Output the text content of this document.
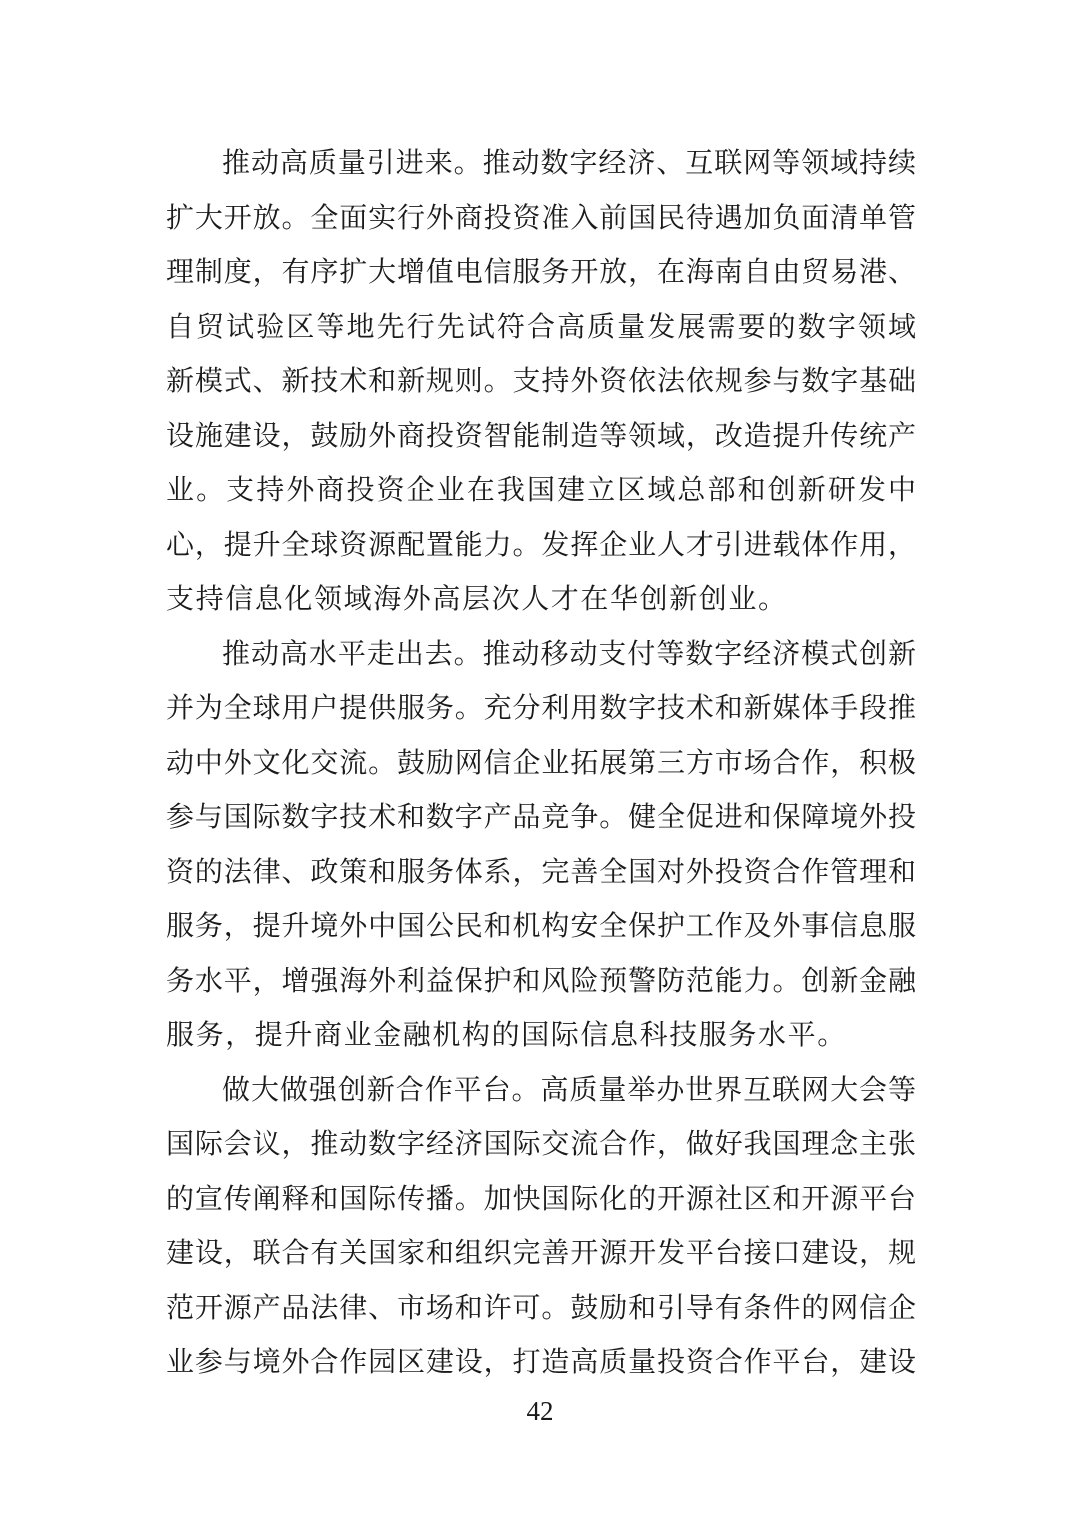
推动高质量引进来。推动数字经济、互联网等领域持续
扩大开放。全面实行外商投资准入前国民待遇加负面清单管
理制度，有序扩大增值电信服务开放，在海南自由贸易港、
自贸试验区等地先行先试符合高质量发展需要的数字领域
新模式、新技术和新规则。支持外资依法依规参与数字基础
设施建设，鼓励外商投资智能制造等领域，改造提升传统产
业。支持外商投资企业在我国建立区域总部和创新研发中
心，提升全球资源配置能力。发挥企业人才引进载体作用，
支持信息化领域海外高层次人才在华创新创业。
推动高水平走出去。推动移动支付等数字经济模式创新
并为全球用户提供服务。充分利用数字技术和新媒体手段推
动中外文化交流。鼓励网信企业拓展第三方市场合作，积极
参与国际数字技术和数字产品竞争。健全促进和保障境外投
资的法律、政策和服务体系，完善全国对外投资合作管理和
服务，提升境外中国公民和机构安全保护工作及外事信息服
务水平，增强海外利益保护和风险预警防范能力。创新金融
服务，提升商业金融机构的国际信息科技服务水平。
做大做强创新合作平台。高质量举办世界互联网大会等
国际会议，推动数字经济国际交流合作，做好我国理念主张
的宣传阐释和国际传播。加快国际化的开源社区和开源平台
建设，联合有关国家和组织完善开源开发平台接口建设，规
范开源产品法律、市场和许可。鼓励和引导有条件的网信企
业参与境外合作园区建设，打造高质量投资合作平台，建设
42
